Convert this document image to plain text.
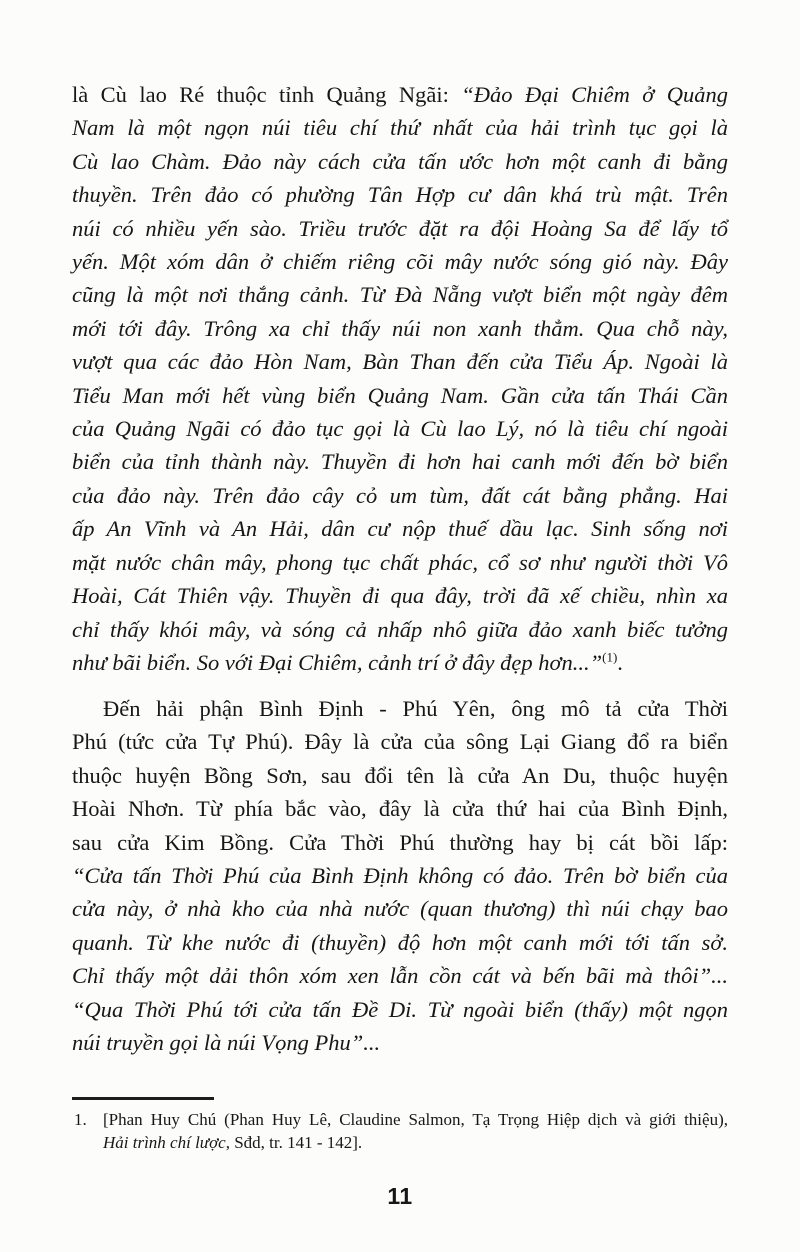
là Cù lao Ré thuộc tỉnh Quảng Ngãi: “Đảo Đại Chiêm ở Quảng
Nam là một ngọn núi tiêu chí thứ nhất của hải trình tục gọi là
Cù lao Chàm. Đảo này cách cửa tấn ước hơn một canh đi bằng
thuyền. Trên đảo có phường Tân Hợp cư dân khá trù mật. Trên
núi có nhiều yến sào. Triều trước đặt ra đội Hoàng Sa để lấy tổ
yến. Một xóm dân ở chiếm riêng cõi mây nước sóng gió này. Đây
cũng là một nơi thắng cảnh. Từ Đà Nẵng vượt biển một ngày đêm
mới tới đây. Trông xa chỉ thấy núi non xanh thẳm. Qua chỗ này,
vượt qua các đảo Hòn Nam, Bàn Than đến cửa Tiểu Áp. Ngoài là
Tiểu Man mới hết vùng biển Quảng Nam. Gần cửa tấn Thái Cần
của Quảng Ngãi có đảo tục gọi là Cù lao Lý, nó là tiêu chí ngoài
biển của tỉnh thành này. Thuyền đi hơn hai canh mới đến bờ biển
của đảo này. Trên đảo cây cỏ um tùm, đất cát bằng phẳng. Hai
ấp An Vĩnh và An Hải, dân cư nộp thuế dầu lạc. Sinh sống nơi
mặt nước chân mây, phong tục chất phác, cổ sơ như người thời Vô
Hoài, Cát Thiên vậy. Thuyền đi qua đây, trời đã xế chiều, nhìn xa
chỉ thấy khói mây, và sóng cả nhấp nhô giữa đảo xanh biếc tưởng
như bãi biển. So với Đại Chiêm, cảnh trí ở đây đẹp hơn...”$^{(1)}$.
Đến hải phận Bình Định - Phú Yên, ông mô tả cửa Thời
Phú (tức cửa Tự Phú). Đây là cửa của sông Lại Giang đổ ra biển
thuộc huyện Bồng Sơn, sau đổi tên là cửa An Du, thuộc huyện
Hoài Nhơn. Từ phía bắc vào, đây là cửa thứ hai của Bình Định,
sau cửa Kim Bồng. Cửa Thời Phú thường hay bị cát bồi lấp:
“Cửa tấn Thời Phú của Bình Định không có đảo. Trên bờ biển của
cửa này, ở nhà kho của nhà nước (quan thương) thì núi chạy bao
quanh. Từ khe nước đi (thuyền) độ hơn một canh mới tới tấn sở.
Chỉ thấy một dải thôn xóm xen lẫn cồn cát và bến bãi mà thôi”...
“Qua Thời Phú tới cửa tấn Đề Di. Từ ngoài biển (thấy) một ngọn
núi truyền gọi là núi Vọng Phu”...
1. [Phan Huy Chú (Phan Huy Lê, Claudine Salmon, Tạ Trọng Hiệp dịch và giới thiệu),
Hải trình chí lược, Sđd, tr. 141 - 142].
11
